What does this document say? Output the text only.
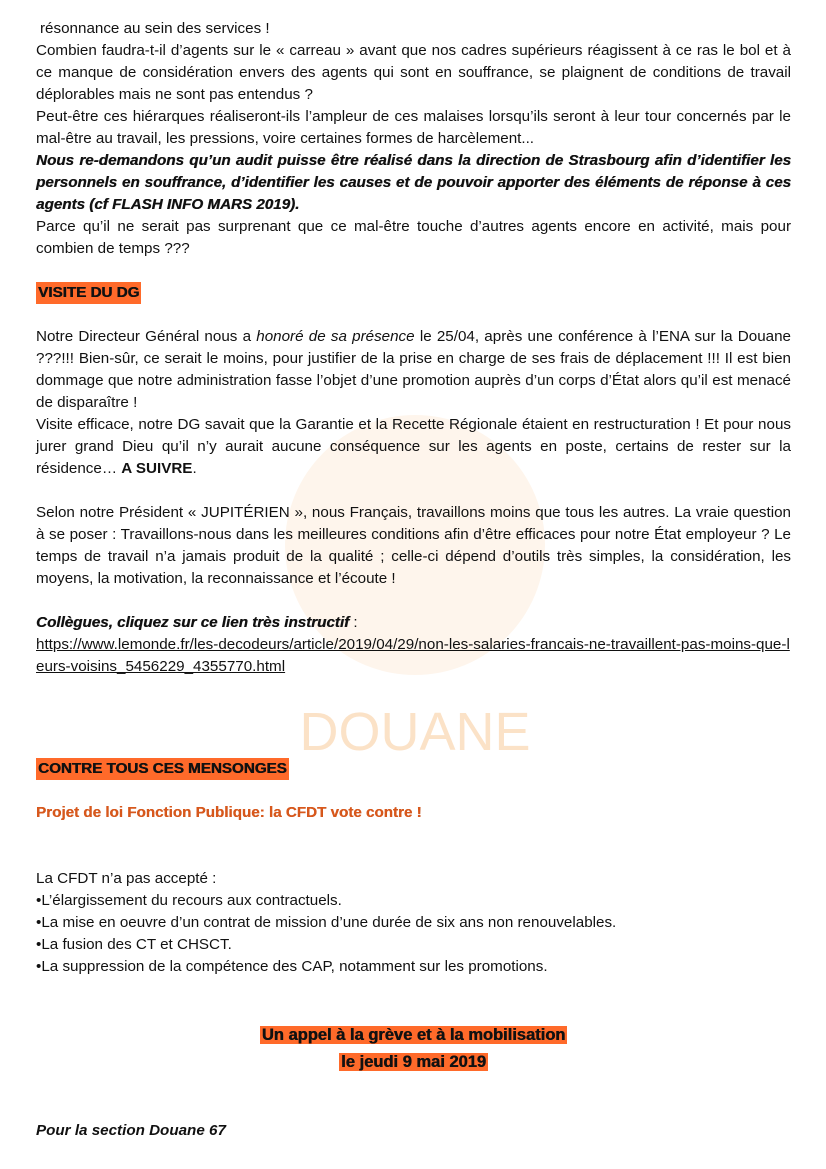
DOUANE

résonnance au sein des services !

Combien faudra-t-il d’agents sur le « carreau » avant que nos cadres supérieurs réagissent à ce ras le bol et à ce manque de considération envers des agents qui sont en souffrance, se plaignent de conditions de travail déplorables mais ne sont pas entendus ?

Peut-être ces hiérarques réaliseront-ils l’ampleur de ces malaises lorsqu’ils seront à leur tour concernés par le mal-être au travail, les pressions, voire certaines formes de harcèlement...

Nous re-demandons qu’un audit puisse être réalisé dans la direction de Strasbourg afin d’identifier les personnels en souffrance, d’identifier les causes et de pouvoir apporter des éléments de réponse à ces agents (cf FLASH INFO MARS 2019).

Parce qu’il ne serait pas surprenant que ce mal-être touche d’autres agents encore en activité, mais pour combien de temps ???

VISITE DU DG

Notre Directeur Général nous a honoré de sa présence le 25/04, après une conférence à l’ENA sur la Douane ???!!! Bien-sûr, ce serait le moins, pour justifier de la prise en charge de ses frais de déplacement !!! Il est bien dommage que notre administration fasse l’objet d’une promotion auprès d’un corps d’État alors qu’il est menacé de disparaître !

Visite efficace, notre DG savait que la Garantie et la Recette Régionale étaient en restructuration ! Et pour nous jurer grand Dieu qu’il n’y aurait aucune conséquence sur les agents en poste, certains de rester sur la résidence… A SUIVRE.

Selon notre Président « JUPITÉRIEN », nous Français, travaillons moins que tous les autres. La vraie question à se poser : Travaillons-nous dans les meilleures conditions afin d’être efficaces pour notre État employeur ? Le temps de travail n’a jamais produit de la qualité ; celle-ci dépend d’outils très simples, la considération, les moyens, la motivation, la reconnaissance et l’écoute !

Collègues, cliquez sur ce lien très instructif :

https://www.lemonde.fr/les-decodeurs/article/2019/04/29/non-les-salaries-francais-ne-travaillent-pas-moins-que-leurs-voisins_5456229_4355770.html

CONTRE TOUS CES MENSONGES

Projet de loi Fonction Publique: la CFDT vote contre !

La CFDT n’a pas accepté :

• L’élargissement du recours aux contractuels.
• La mise en oeuvre d’un contrat de mission d’une durée de six ans non renouvelables.
• La fusion des CT et CHSCT.
• La suppression de la compétence des CAP, notamment sur les promotions.
Un appel à la grève et à la mobilisation
le jeudi 9 mai 2019

Pour la section Douane 67
